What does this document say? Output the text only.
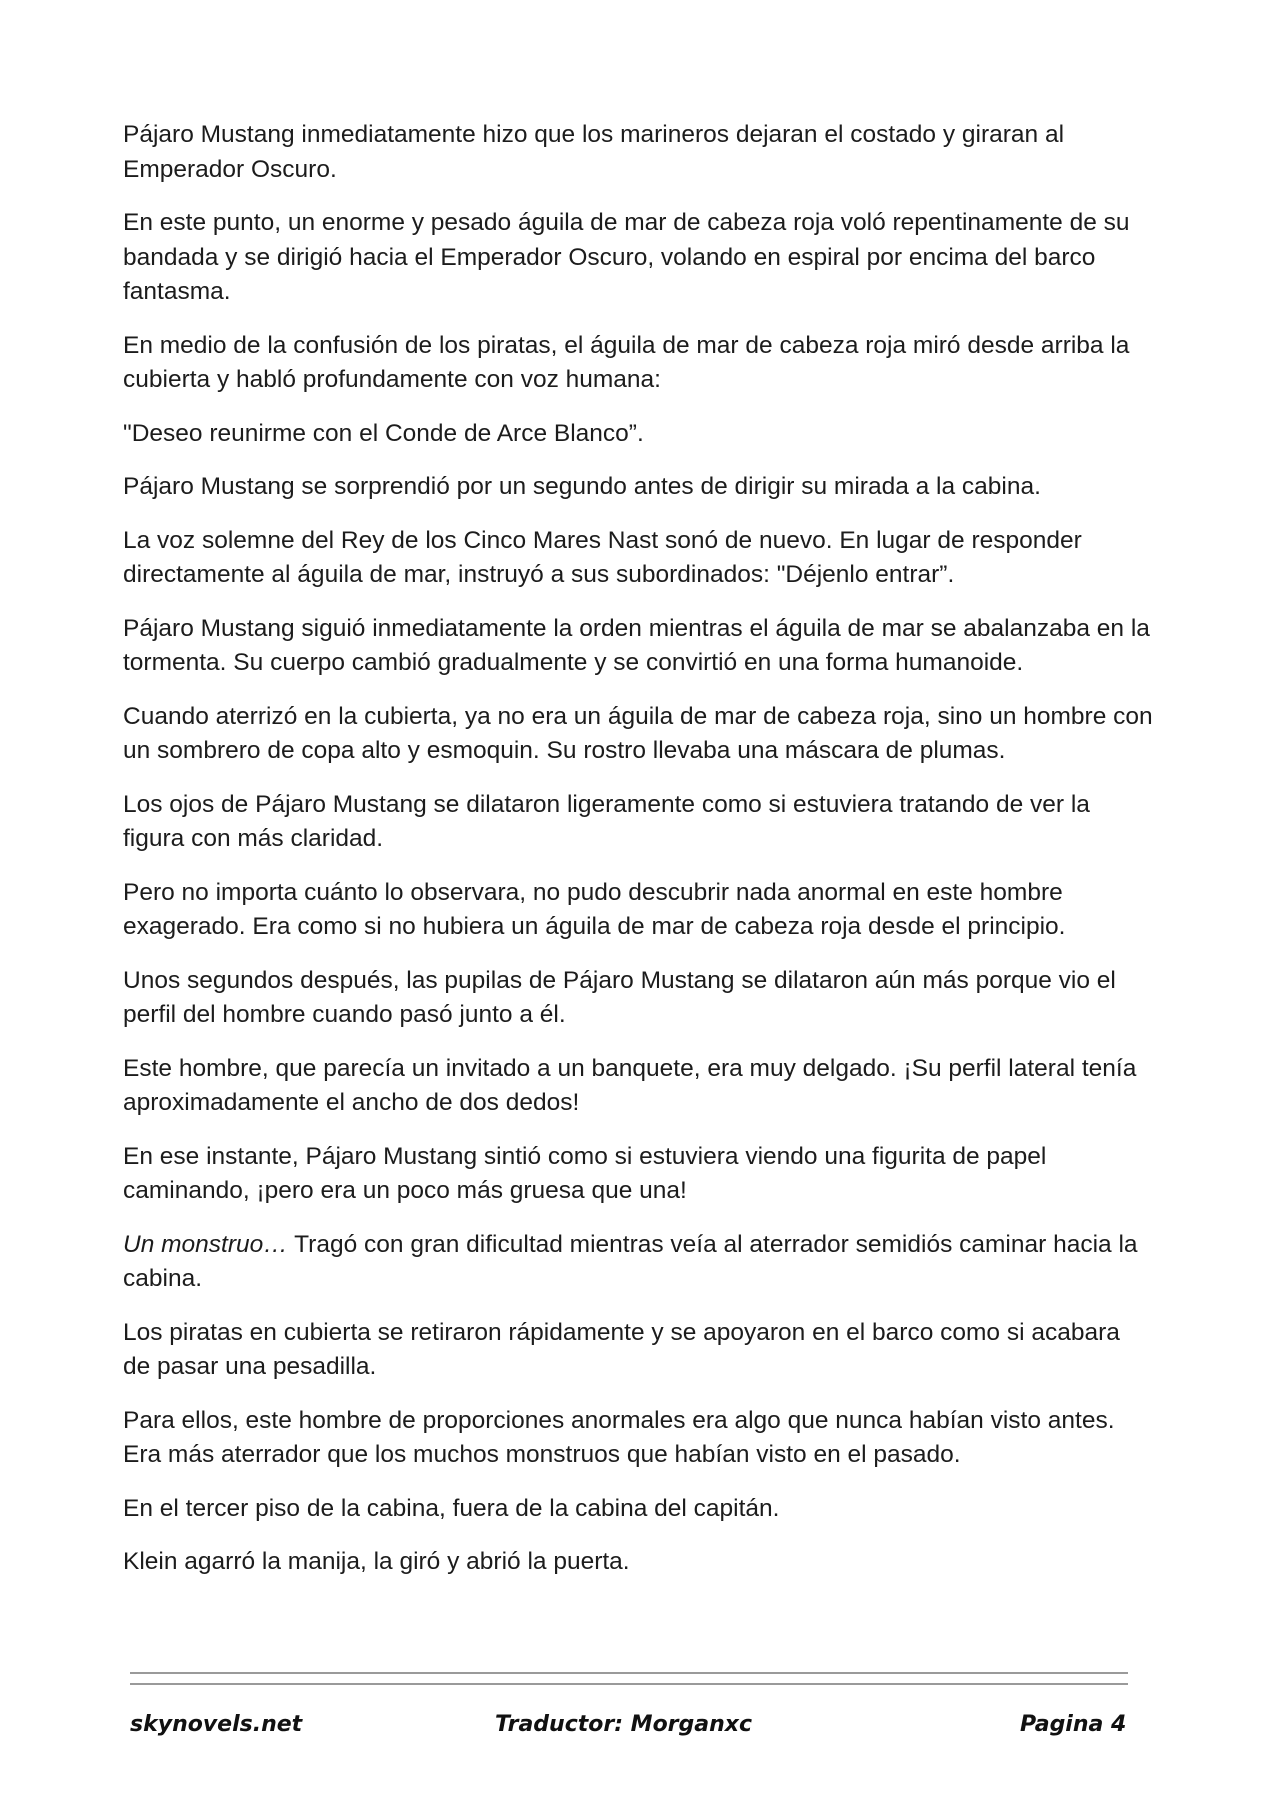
Pájaro Mustang inmediatamente hizo que los marineros dejaran el costado y giraran al Emperador Oscuro.

En este punto, un enorme y pesado águila de mar de cabeza roja voló repentinamente de su bandada y se dirigió hacia el Emperador Oscuro, volando en espiral por encima del barco fantasma.

En medio de la confusión de los piratas, el águila de mar de cabeza roja miró desde arriba la cubierta y habló profundamente con voz humana:

"Deseo reunirme con el Conde de Arce Blanco”.

Pájaro Mustang se sorprendió por un segundo antes de dirigir su mirada a la cabina.

La voz solemne del Rey de los Cinco Mares Nast sonó de nuevo. En lugar de responder directamente al águila de mar, instruyó a sus subordinados: "Déjenlo entrar”.

Pájaro Mustang siguió inmediatamente la orden mientras el águila de mar se abalanzaba en la tormenta. Su cuerpo cambió gradualmente y se convirtió en una forma humanoide.

Cuando aterrizó en la cubierta, ya no era un águila de mar de cabeza roja, sino un hombre con un sombrero de copa alto y esmoquin. Su rostro llevaba una máscara de plumas.

Los ojos de Pájaro Mustang se dilataron ligeramente como si estuviera tratando de ver la figura con más claridad.

Pero no importa cuánto lo observara, no pudo descubrir nada anormal en este hombre exagerado. Era como si no hubiera un águila de mar de cabeza roja desde el principio.

Unos segundos después, las pupilas de Pájaro Mustang se dilataron aún más porque vio el perfil del hombre cuando pasó junto a él.

Este hombre, que parecía un invitado a un banquete, era muy delgado. ¡Su perfil lateral tenía aproximadamente el ancho de dos dedos!

En ese instante, Pájaro Mustang sintió como si estuviera viendo una figurita de papel caminando, ¡pero era un poco más gruesa que una!

Un monstruo… Tragó con gran dificultad mientras veía al aterrador semidiós caminar hacia la cabina.

Los piratas en cubierta se retiraron rápidamente y se apoyaron en el barco como si acabara de pasar una pesadilla.

Para ellos, este hombre de proporciones anormales era algo que nunca habían visto antes. Era más aterrador que los muchos monstruos que habían visto en el pasado.

En el tercer piso de la cabina, fuera de la cabina del capitán.

Klein agarró la manija, la giró y abrió la puerta.

skynovels.net	Traductor: Morganxc	Pagina 4
